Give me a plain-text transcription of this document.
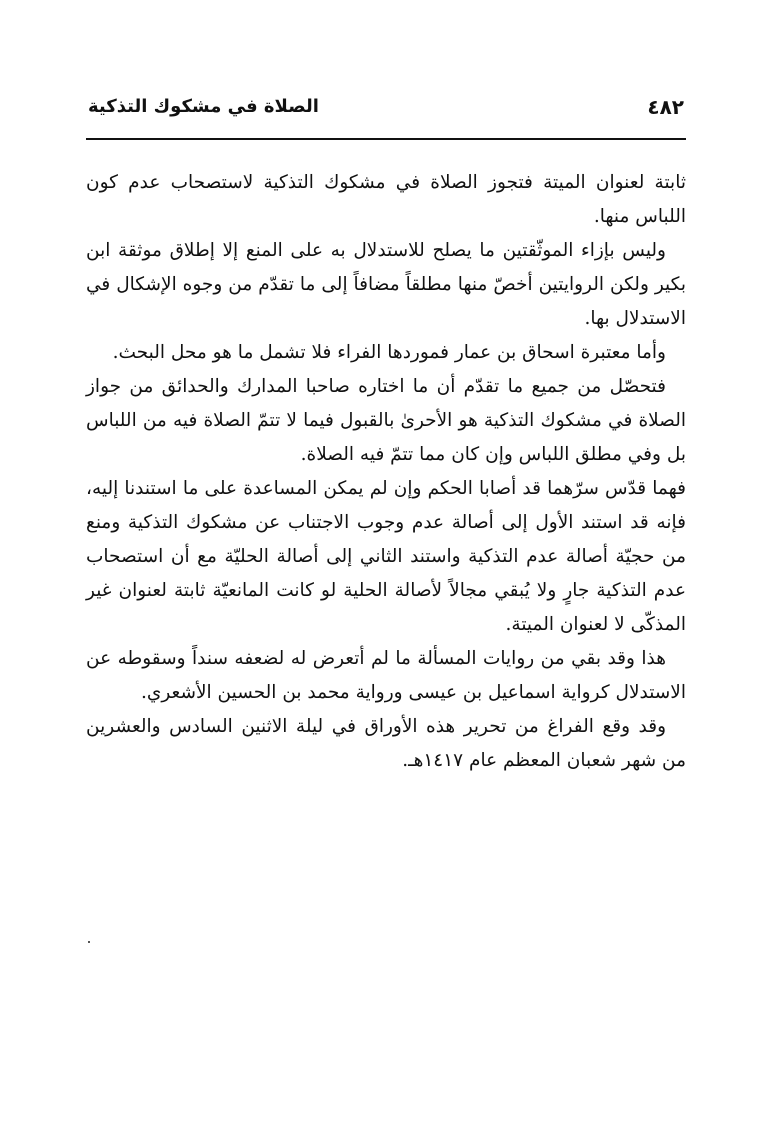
٤٨٢
الصلاة في مشكوك التذكية

ثابتة لعنوان الميتة فتجوز الصلاة في مشكوك التذكية لاستصحاب عدم كون اللباس منها.

وليس بإزاء الموثّقتين ما يصلح للاستدلال به على المنع إلا إطلاق موثقة ابن بكير ولكن الروايتين أخصّ منها مطلقاً مضافاً إلى ما تقدّم من وجوه الإشكال في الاستدلال بها.

وأما معتبرة اسحاق بن عمار فموردها الفراء فلا تشمل ما هو محل البحث.

فتحصّل من جميع ما تقدّم أن ما اختاره صاحبا المدارك والحدائق من جواز الصلاة في مشكوك التذكية هو الأحرىٰ بالقبول فيما لا تتمّ الصلاة فيه من اللباس بل وفي مطلق اللباس وإن كان مما تتمّ فيه الصلاة.

فهما قدّس سرّهما قد أصابا الحكم وإن لم يمكن المساعدة على ما استندنا إليه، فإنه قد استند الأول إلى أصالة عدم وجوب الاجتناب عن مشكوك التذكية ومنع من حجيّة أصالة عدم التذكية واستند الثاني إلى أصالة الحليّة مع أن استصحاب عدم التذكية جارٍ ولا يُبقي مجالاً لأصالة الحلية لو كانت المانعيّة ثابتة لعنوان غير المذكّى لا لعنوان الميتة.

هذا وقد بقي من روايات المسألة ما لم أتعرض له لضعفه سنداً وسقوطه عن الاستدلال كرواية اسماعيل بن عيسى ورواية محمد بن الحسين الأشعري.

وقد وقع الفراغ من تحرير هذه الأوراق في ليلة الاثنين السادس والعشرين من شهر شعبان المعظم عام ١٤١٧هـ.
